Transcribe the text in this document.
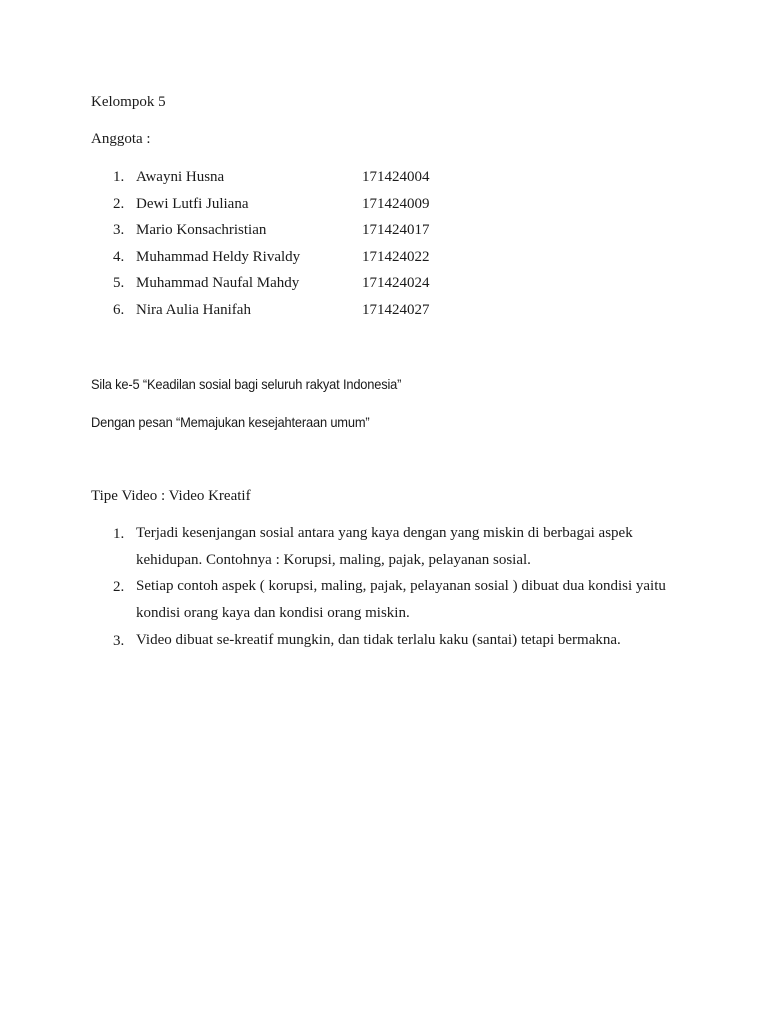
Kelompok 5
Anggota :
1. Awayni Husna	171424004
2. Dewi Lutfi Juliana	171424009
3. Mario Konsachristian	171424017
4. Muhammad Heldy Rivaldy	171424022
5. Muhammad Naufal Mahdy	171424024
6. Nira Aulia Hanifah	171424027
Sila ke-5 “Keadilan sosial bagi seluruh rakyat Indonesia”
Dengan pesan “Memajukan kesejahteraan umum”
Tipe Video : Video Kreatif
1. Terjadi kesenjangan sosial antara yang kaya dengan yang miskin di berbagai aspek kehidupan. Contohnya : Korupsi, maling, pajak, pelayanan sosial.
2. Setiap contoh aspek ( korupsi, maling, pajak, pelayanan sosial ) dibuat dua kondisi yaitu kondisi orang kaya dan kondisi orang miskin.
3. Video dibuat se-kreatif mungkin, dan tidak terlalu kaku (santai) tetapi bermakna.
